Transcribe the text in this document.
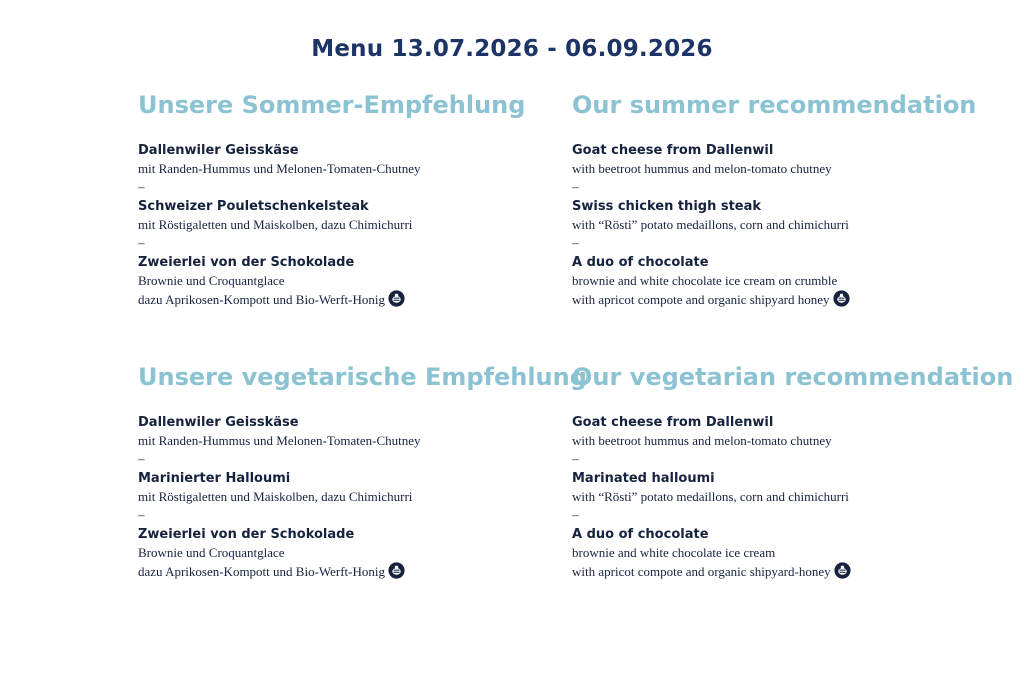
Menu 13.07.2026 - 06.09.2026
Unsere Sommer-Empfehlung
Dallenwiler Geisskäse
mit Randen-Hummus und Melonen-Tomaten-Chutney
–
Schweizer Pouletschenkelsteak
mit Röstigaletten und Maiskolben, dazu Chimichurri
–
Zweierlei von der Schokolade
Brownie und Croquantglace
dazu Aprikosen-Kompott und Bio-Werft-Honig
Unsere vegetarische Empfehlung
Dallenwiler Geisskäse
mit Randen-Hummus und Melonen-Tomaten-Chutney
–
Marinierter Halloumi
mit Röstigaletten und Maiskolben, dazu Chimichurri
–
Zweierlei von der Schokolade
Brownie und Croquantglace
dazu Aprikosen-Kompott und Bio-Werft-Honig
Our summer recommendation
Goat cheese from Dallenwil
with beetroot hummus and melon-tomato chutney
–
Swiss chicken thigh steak
with “Rösti” potato medaillons, corn and chimichurri
–
A duo of chocolate
brownie and white chocolate ice cream on crumble
with apricot compote and organic shipyard honey
Our vegetarian recommendation
Goat cheese from Dallenwil
with beetroot hummus and melon-tomato chutney
–
Marinated halloumi
with “Rösti” potato medaillons, corn and chimichurri
–
A duo of chocolate
brownie and white chocolate ice cream
with apricot compote and organic shipyard-honey
